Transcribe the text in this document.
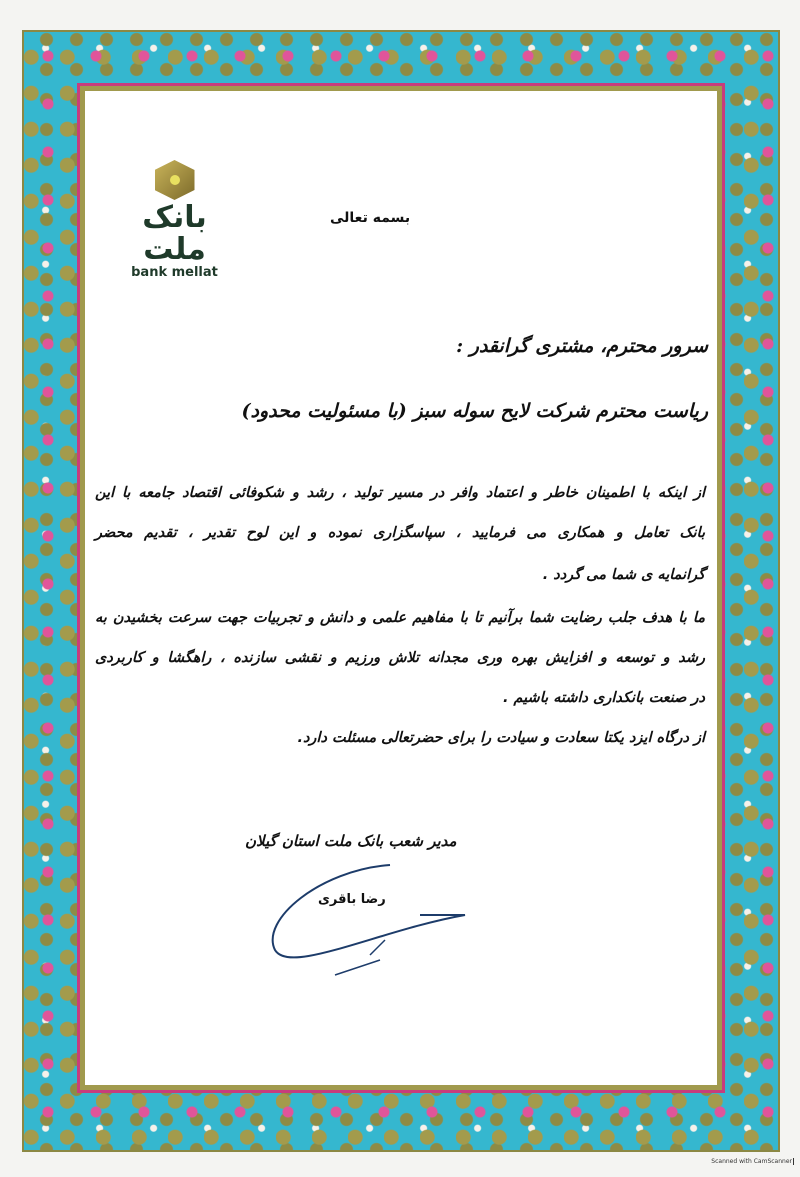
بانک ملت
bank mellat
بسمه تعالی
سرور محترم، مشتری گرانقدر :
ریاست محترم شرکت لایح سوله سبز (با مسئولیت محدود)
از اینکه با اطمینان خاطر و اعتماد وافر در مسیر تولید ، رشد و شکوفائی اقتصاد جامعه با این
بانک تعامل و همکاری می فرمایید ، سپاسگزاری نموده و این لوح تقدیر ، تقدیم محضر
گرانمایه ی شما می گردد .
ما با هدف جلب رضایت شما برآنیم تا با مفاهیم علمی و دانش و تجربیات جهت سرعت بخشیدن به
رشد و توسعه و افزایش بهره وری مجدانه تلاش ورزیم و نقشی سازنده ، راهگشا و کاربردی
در صنعت بانکداری داشته باشیم .
از درگاه ایزد یکتا سعادت و سیادت را برای حضرتعالی مسئلت دارد.
مدیر شعب بانک ملت استان گیلان
رضا باقری
Scanned with CamScanner
